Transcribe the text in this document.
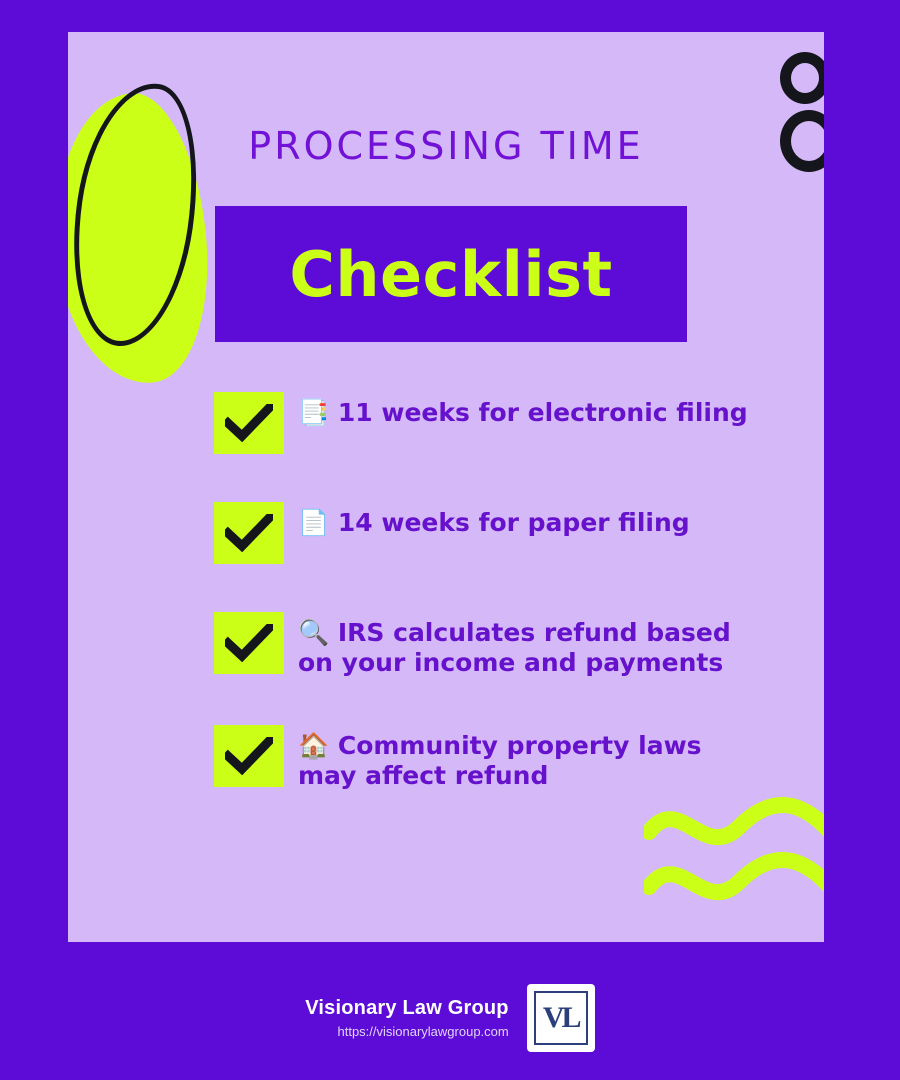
PROCESSING TIME
Checklist
📑 11 weeks for electronic filing
📄 14 weeks for paper filing
🔍 IRS calculates refund based on your income and payments
🏠 Community property laws may affect refund
Visionary Law Group
https://visionarylawgroup.com	VL
